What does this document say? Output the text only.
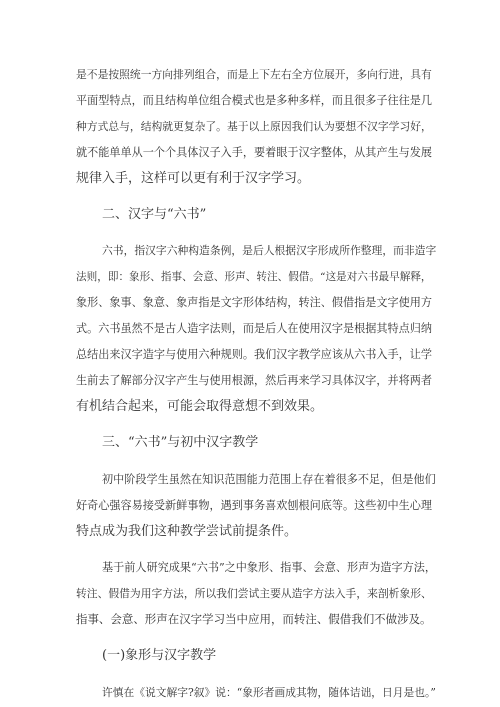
是不是按照统一方向排列组合，而是上下左右全方位展开，多向行进，具有
平面型特点，而且结构单位组合模式也是多种多样，而且很多子往往是几
种方式总与，结构就更复杂了。基于以上原因我们认为要想不汉字学习好，
就不能单单从一个个具体汉子入手，要着眼于汉字整体，从其产生与发展
规律入手，这样可以更有利于汉字学习。
二、汉字与“六书”
六书，指汉字六种构造条例，是后人根据汉字形成所作整理，而非造字
法则，即：象形、指事、会意、形声、转注、假借。“这是对六书最早解释，
象形、象事、象意、象声指是文字形体结构，转注、假借指是文字使用方
式。六书虽然不是古人造字法则，而是后人在使用汉字是根据其特点归纳
总结出来汉字造字与使用六种规则。我们汉字教学应该从六书入手，让学
生前去了解部分汉字产生与使用根源，然后再来学习具体汉字，并将两者
有机结合起来，可能会取得意想不到效果。
三、“六书”与初中汉字教学
初中阶段学生虽然在知识范围能力范围上存在着很多不足，但是他们
好奇心强容易接受新鲜事物，遇到事务喜欢刨根问底等。这些初中生心理
特点成为我们这种教学尝试前提条件。
基于前人研究成果“六书”之中象形、指事、会意、形声为造字方法，
转注、假借为用字方法，所以我们尝试主要从造字方法入手，来剖析象形、
指事、会意、形声在汉字学习当中应用，而转注、假借我们不做涉及。
(一)象形与汉字教学
许慎在《说文解字?叙》说：“象形者画成其物，随体诘诎，日月是也。”
